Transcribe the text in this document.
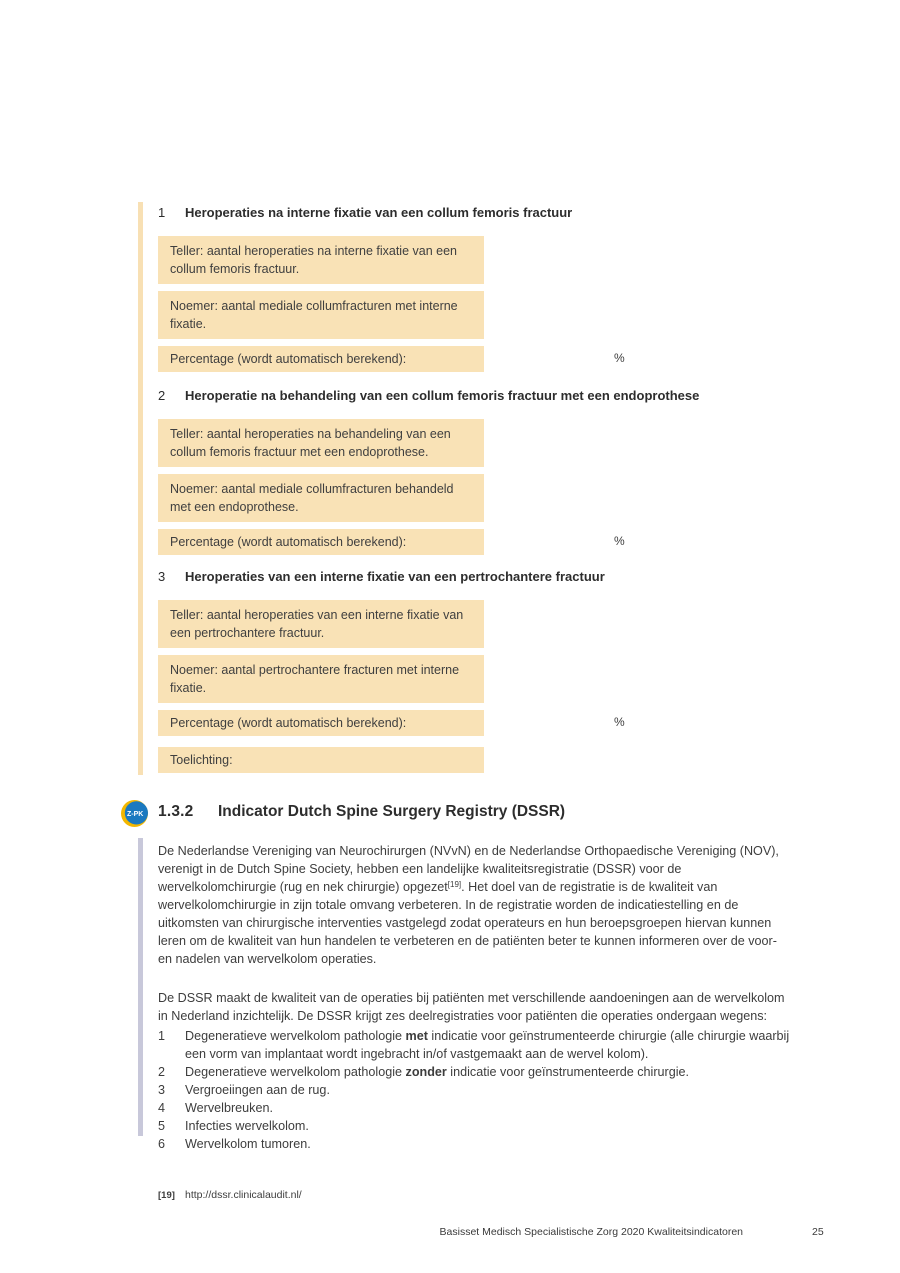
1	Heroperaties na interne fixatie van een collum femoris fractuur
Teller: aantal heroperaties na interne fixatie van een collum femoris fractuur.
Noemer: aantal mediale collumfracturen met interne fixatie.
Percentage (wordt automatisch berekend):	%
2	Heroperatie na behandeling van een collum femoris fractuur met een endoprothese
Teller: aantal heroperaties na behandeling van een collum femoris fractuur met een endoprothese.
Noemer: aantal mediale collumfracturen behandeld met een endoprothese.
Percentage (wordt automatisch berekend):	%
3	Heroperaties van een interne fixatie van een pertrochantere fractuur
Teller: aantal heroperaties van een interne fixatie van een pertrochantere fractuur.
Noemer: aantal pertrochantere fracturen met interne fixatie.
Percentage (wordt automatisch berekend):	%
Toelichting:
Z-PK 1.3.2	Indicator Dutch Spine Surgery Registry (DSSR)

De Nederlandse Vereniging van Neurochirurgen (NVvN) en de Nederlandse Orthopaedische Vereniging (NOV), verenigt in de Dutch Spine Society, hebben een landelijke kwaliteitsregistratie (DSSR) voor de wervelkolomchirurgie (rug en nek chirurgie) opgezet[19]. Het doel van de registratie is de kwaliteit van wervelkolomchirurgie in zijn totale omvang verbeteren. In de registratie worden de indicatiestelling en de uitkomsten van chirurgische interventies vastgelegd zodat operateurs en hun beroepsgroepen hiervan kunnen leren om de kwaliteit van hun handelen te verbeteren en de patiënten beter te kunnen informeren over de voor- en nadelen van wervelkolom operaties.

De DSSR maakt de kwaliteit van de operaties bij patiënten met verschillende aandoeningen aan de wervelkolom in Nederland inzichtelijk. De DSSR krijgt zes deelregistraties voor patiënten die operaties ondergaan wegens:

1	Degeneratieve wervelkolom pathologie met indicatie voor geïnstrumenteerde chirurgie (alle chirurgie waarbij een vorm van implantaat wordt ingebracht in/of vastgemaakt aan de wervel kolom).
2	Degeneratieve wervelkolom pathologie zonder indicatie voor geïnstrumenteerde chirurgie.
3	Vergroeiingen aan de rug.
4	Wervelbreuken.
5	Infecties wervelkolom.
6	Wervelkolom tumoren.
[19] http://dssr.clinicalaudit.nl/
Basisset Medisch Specialistische Zorg 2020 Kwaliteitsindicatoren	25
